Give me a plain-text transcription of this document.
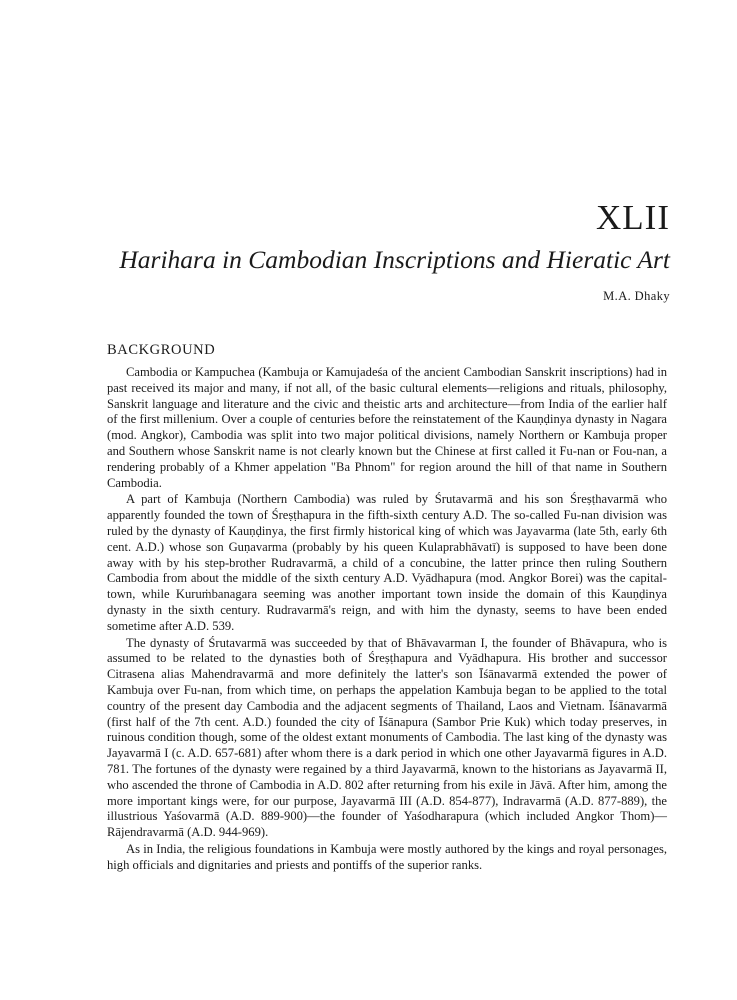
XLII
Harihara in Cambodian Inscriptions and Hieratic Art
M.A. Dhaky
BACKGROUND

Cambodia or Kampuchea (Kambuja or Kamujadeśa of the ancient Cambodian Sanskrit inscriptions) had in past received its major and many, if not all, of the basic cultural elements—religions and rituals, philosophy, Sanskrit language and literature and the civic and theistic arts and architecture—from India of the earlier half of the first millenium. Over a couple of centuries before the reinstatement of the Kauṇḍinya dynasty in Nagara (mod. Angkor), Cambodia was split into two major political divisions, namely Northern or Kambuja proper and Southern whose Sanskrit name is not clearly known but the Chinese at first called it Fu-nan or Fou-nan, a rendering probably of a Khmer appelation "Ba Phnom" for region around the hill of that name in Southern Cambodia.

A part of Kambuja (Northern Cambodia) was ruled by Śrutavarmā and his son Śreṣṭhavarmā who apparently founded the town of Śreṣṭhapura in the fifth-sixth century A.D. The so-called Fu-nan division was ruled by the dynasty of Kauṇḍinya, the first firmly historical king of which was Jayavarma (late 5th, early 6th cent. A.D.) whose son Guṇavarma (probably by his queen Kulaprabhāvatī) is supposed to have been done away with by his step-brother Rudravarmā, a child of a concubine, the latter prince then ruling Southern Cambodia from about the middle of the sixth century A.D. Vyādhapura (mod. Angkor Borei) was the capital-town, while Kuruṁbanagara seeming was another important town inside the domain of this Kauṇḍinya dynasty in the sixth century. Rudravarmā's reign, and with him the dynasty, seems to have been ended sometime after A.D. 539.

The dynasty of Śrutavarmā was succeeded by that of Bhāvavarman I, the founder of Bhāvapura, who is assumed to be related to the dynasties both of Śreṣṭhapura and Vyādhapura. His brother and successor Citrasena alias Mahendravarmā and more definitely the latter's son Īśānavarmā extended the power of Kambuja over Fu-nan, from which time, on perhaps the appelation Kambuja began to be applied to the total country of the present day Cambodia and the adjacent segments of Thailand, Laos and Vietnam. Īśānavarmā (first half of the 7th cent. A.D.) founded the city of Īśānapura (Sambor Prie Kuk) which today preserves, in ruinous condition though, some of the oldest extant monuments of Cambodia. The last king of the dynasty was Jayavarmā I (c. A.D. 657-681) after whom there is a dark period in which one other Jayavarmā figures in A.D. 781. The fortunes of the dynasty were regained by a third Jayavarmā, known to the historians as Jayavarmā II, who ascended the throne of Cambodia in A.D. 802 after returning from his exile in Jāvā. After him, among the more important kings were, for our purpose, Jayavarmā III (A.D. 854-877), Indravarmā (A.D. 877-889), the illustrious Yaśovarmā (A.D. 889-900)—the founder of Yaśodharapura (which included Angkor Thom)—Rājendravarmā (A.D. 944-969).

As in India, the religious foundations in Kambuja were mostly authored by the kings and royal personages, high officials and dignitaries and priests and pontiffs of the superior ranks.
